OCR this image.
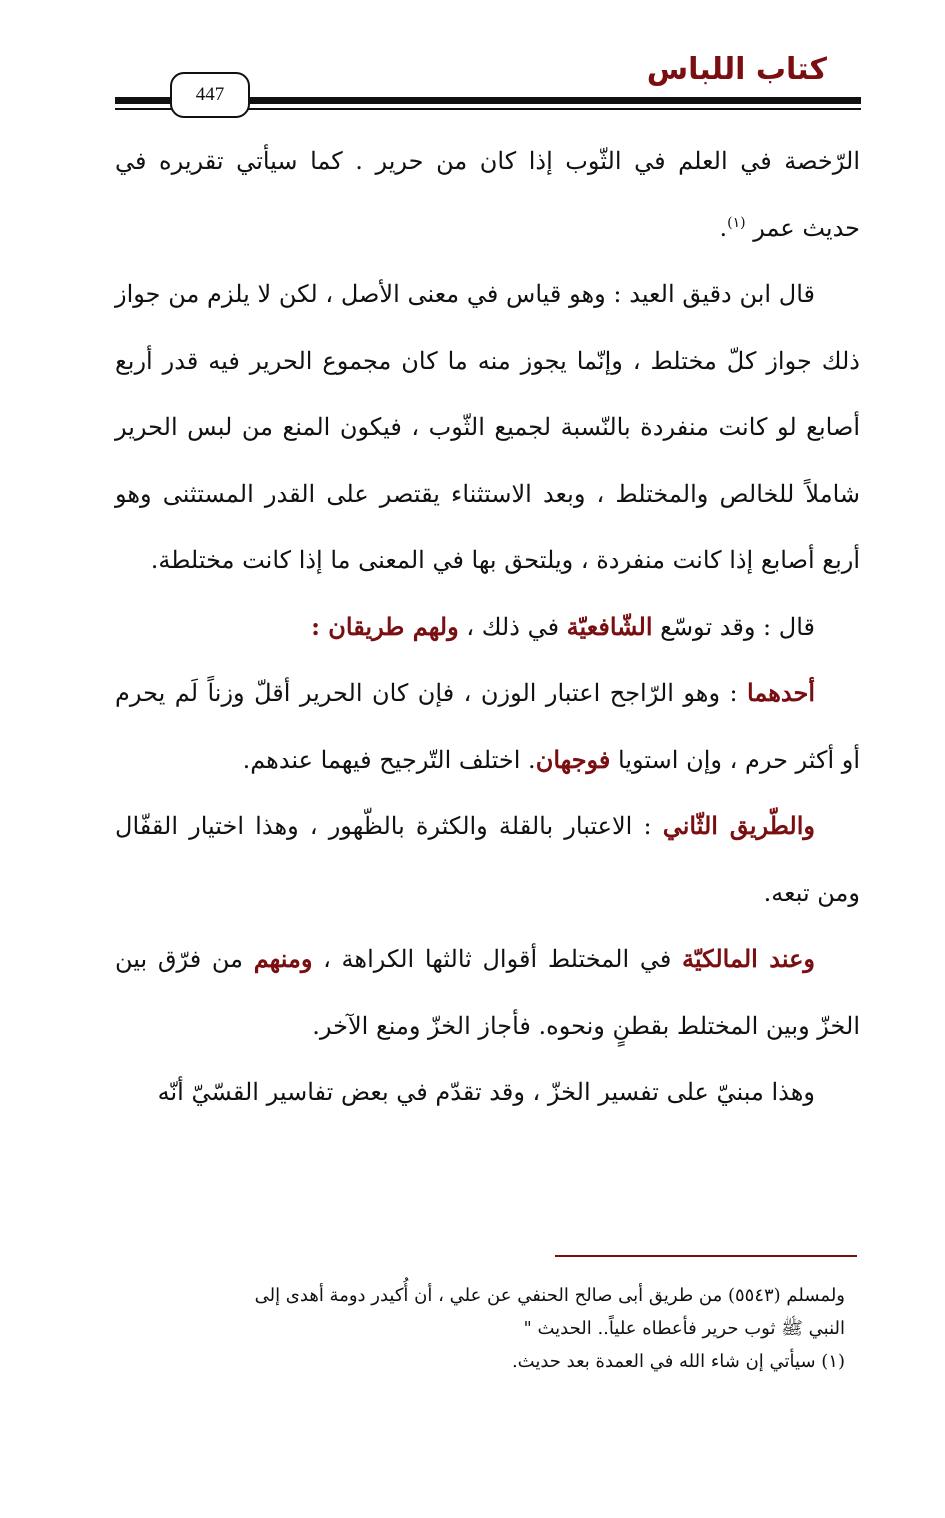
كتاب اللباس
447

الرّخصة في العلم في الثّوب إذا كان من حرير . كما سيأتي تقريره في حديث عمر $^{(١)}$.

قال ابن دقيق العيد : وهو قياس في معنى الأصل ، لكن لا يلزم من جواز ذلك جواز كلّ مختلط ، وإنّما يجوز منه ما كان مجموع الحرير فيه قدر أربع أصابع لو كانت منفردة بالنّسبة لجميع الثّوب ، فيكون المنع من لبس الحرير شاملاً للخالص والمختلط ، وبعد الاستثناء يقتصر على القدر المستثنى وهو أربع أصابع إذا كانت منفردة ، ويلتحق بها في المعنى ما إذا كانت مختلطة.

قال : وقد توسّع الشّافعيّة في ذلك ، ولهم طريقان :

أحدهما : وهو الرّاجح اعتبار الوزن ، فإن كان الحرير أقلّ وزناً لَم يحرم أو أكثر حرم ، وإن استويا فوجهان. اختلف التّرجيح فيهما عندهم.

والطّريق الثّاني : الاعتبار بالقلة والكثرة بالظّهور ، وهذا اختيار القفّال ومن تبعه.

وعند المالكيّة في المختلط أقوال ثالثها الكراهة ، ومنهم من فرّق بين الخزّ وبين المختلط بقطنٍ ونحوه. فأجاز الخزّ ومنع الآخر.

وهذا مبنيّ على تفسير الخزّ ، وقد تقدّم في بعض تفاسير القسّيّ أنّه

ولمسلم (٥٥٤٣) من طريق أبى صالح الحنفي عن علي ، أن أُكيدر دومة أهدى إلى

النبي ﷺ ثوب حرير فأعطاه علياً.. الحديث "

(١) سيأتي إن شاء الله في العمدة بعد حديث.
